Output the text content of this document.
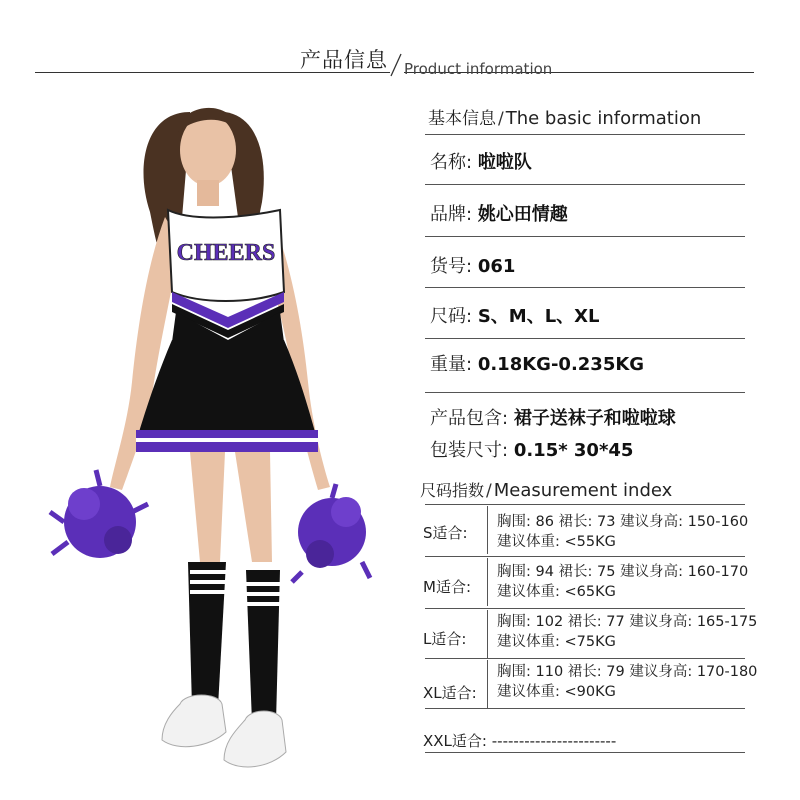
产品信息 Product information
CHEERS
基本信息 / The basic information
名称: 啦啦队
品牌: 姚心田情趣
货号: 061
尺码: S、M、L、XL
重量: 0.18KG-0.235KG
产品包含: 裙子送袜子和啦啦球
包装尺寸: 0.15* 30*45
尺码指数 / Measurement index
S适合:
胸围: 86 裙长: 73 建议身高: 150-160
建议体重: <55KG
M适合:
胸围: 94 裙长: 75 建议身高: 160-170
建议体重: <65KG
L适合:
胸围: 102 裙长: 77 建议身高: 165-175
建议体重: <75KG
XL适合:
胸围: 110 裙长: 79 建议身高: 170-180
建议体重: <90KG
XXL适合: -----------------------
